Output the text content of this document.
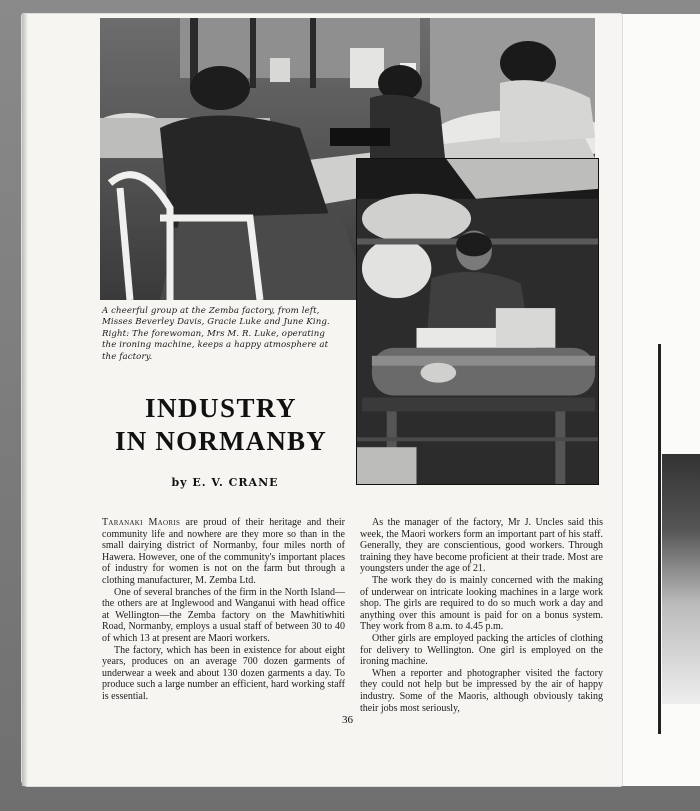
A cheerful group at the Zemba factory, from left, Misses Beverley Davis, Gracie Luke and June King. Right: The forewoman, Mrs M. R. Luke, operating the ironing machine, keeps a happy atmosphere at the factory.
INDUSTRY
IN NORMANBY
by E. V. CRANE

Taranaki Maoris are proud of their heritage and their community life and nowhere are they more so than in the small dairying district of Normanby, four miles north of Hawera. However, one of the community's important places of industry for women is not on the farm but through a clothing manufacturer, M. Zemba Ltd.

One of several branches of the firm in the North Island—the others are at Inglewood and Wanganui with head office at Wellington—the Zemba factory on the Mawhitiwhiti Road, Normanby, employs a usual staff of between 30 to 40 of which 13 at present are Maori workers.

The factory, which has been in existence for about eight years, produces on an average 700 dozen garments of underwear a week and about 130 dozen garments a day. To produce such a large number an efficient, hard working staff is essential.

As the manager of the factory, Mr J. Uncles said this week, the Maori workers form an important part of his staff. Generally, they are conscientious, good workers. Through training they have become proficient at their trade. Most are youngsters under the age of 21.

The work they do is mainly concerned with the making of underwear on intricate looking machines in a large work shop. The girls are required to do so much work a day and anything over this amount is paid for on a bonus system. They work from 8 a.m. to 4.45 p.m.

Other girls are employed packing the articles of clothing for delivery to Wellington. One girl is employed on the ironing machine.

When a reporter and photographer visited the factory they could not help but be impressed by the air of happy industry. Some of the Maoris, although obviously taking their jobs most seriously,

36
